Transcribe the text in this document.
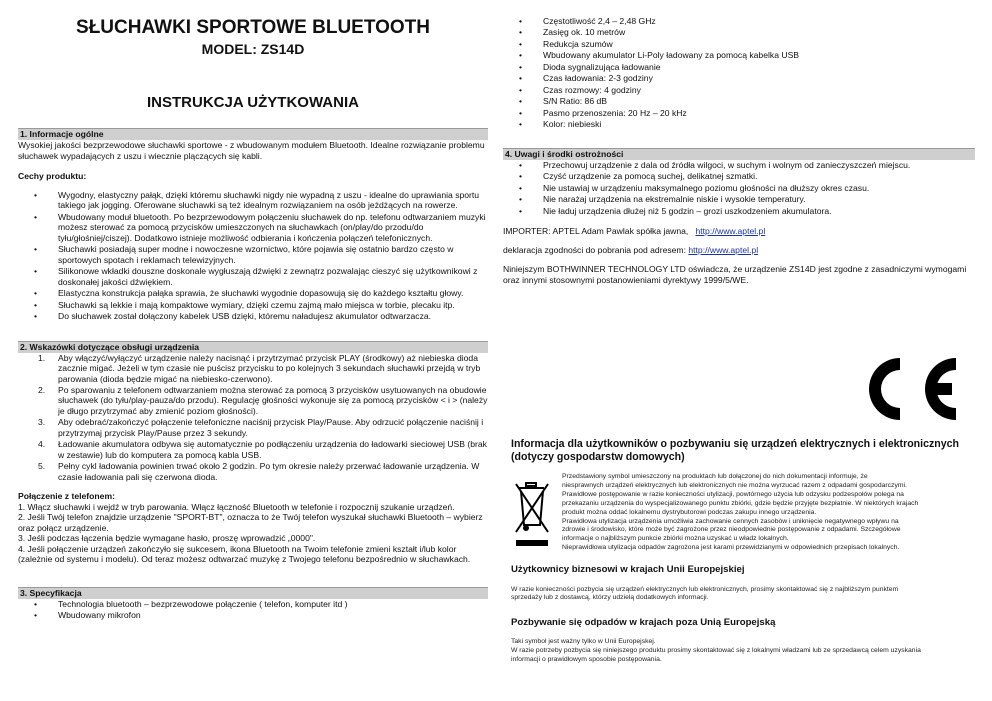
SŁUCHAWKI SPORTOWE BLUETOOTH
MODEL: ZS14D
INSTRUKCJA UŻYTKOWANIA
1. Informacje ogólne

Wysokiej jakości bezprzewodowe słuchawki sportowe - z wbudowanym modułem Bluetooth. Idealne rozwiązanie problemu słuchawek wypadających z uszu i wiecznie plączących się kabli.

Cechy produktu:

• Wygodny, elastyczny pałąk, dzięki któremu słuchawki nigdy nie wypadną z uszu - idealne do uprawiania sportu takiego jak jogging. Oferowane słuchawki są też idealnym rozwiązaniem na osób jeżdżących na rowerze.
• Wbudowany moduł bluetooth. Po bezprzewodowym połączeniu słuchawek do np. telefonu odtwarzaniem muzyki możesz sterować za pomocą przycisków umieszczonych na słuchawkach (on/play/do przodu/do tyłu/głośniej/ciszej). Dodatkowo istnieje możliwość odbierania i kończenia połączeń telefonicznych.
• Słuchawki posiadają super modne i nowoczesne wzornictwo, które pojawia się ostatnio bardzo często w sportowych spotach i reklamach telewizyjnych.
• Silikonowe wkładki douszne doskonale wygłuszają dźwięki z zewnątrz pozwalając cieszyć się użytkownikowi z doskonałej jakości dźwiękiem.
• Elastyczna konstrukcja pałąka sprawia, że słuchawki wygodnie dopasowują się do każdego kształtu głowy.
• Słuchawki są lekkie i mają kompaktowe wymiary, dzięki czemu zajmą mało miejsca w torbie, plecaku itp.
• Do słuchawek został dołączony kabelek USB dzięki, któremu naładujesz akumulator odtwarzacza.
2. Wskazówki dotyczące obsługi urządzenia
1. Aby włączyć/wyłączyć urządzenie należy nacisnąć i przytrzymać przycisk PLAY (środkowy) aż niebieska dioda zacznie migać. Jeżeli w tym czasie nie puścisz przycisku to po kolejnych 3 sekundach słuchawki przejdą w tryb parowania (dioda będzie migać na niebiesko-czerwono).
2. Po sparowaniu z telefonem odtwarzaniem można sterować za pomocą 3 przycisków usytuowanych na obudowie słuchawek (do tyłu/play-pauza/do przodu). Regulację głośności wykonuje się za pomocą przycisków < i > (należy je długo przytrzymać aby zmienić poziom głośności).
3. Aby odebrać/zakończyć połączenie telefoniczne naciśnij przycisk Play/Pause. Aby odrzucić połączenie naciśnij i przytrzymaj przycisk Play/Pause przez 3 sekundy.
4. Ładowanie akumulatora odbywa się automatycznie po podłączeniu urządzenia do ładowarki sieciowej USB (brak w zestawie) lub do komputera za pomocą kabla USB.
5. Pełny cykl ładowania powinien trwać około 2 godzin. Po tym okresie należy przerwać ładowanie urządzenia. W czasie ładowania pali się czerwona dioda.

Połączenie z telefonem:

1. Włącz słuchawki i wejdź w tryb parowania. Włącz łączność Bluetooth w telefonie i rozpocznij szukanie urządzeń.

2. Jeśli Twój telefon znajdzie urządzenie "SPORT-BT", oznacza to że Twój telefon wyszukał słuchawki Bluetooth – wybierz oraz połącz urządzenie.

3. Jeśli podczas łączenia będzie wymagane hasło, proszę wprowadzić „0000".

4. Jeśli połączenie urządzeń zakończyło się sukcesem, ikona Bluetooth na Twoim telefonie zmieni kształt i/lub kolor (zależnie od systemu i modelu). Od teraz możesz odtwarzać muzykę z Twojego telefonu bezpośrednio w słuchawkach.

3. Specyfikacja
• Technologia bluetooth – bezprzewodowe połączenie ( telefon, komputer itd )
• Wbudowany mikrofon
• Częstotliwość 2,4 – 2,48 GHz
• Zasięg ok. 10 metrów
• Redukcja szumów
• Wbudowany akumulator Li-Poly ładowany za pomocą kabelka USB
• Dioda sygnalizująca ładowanie
• Czas ładowania: 2-3 godziny
• Czas rozmowy: 4 godziny
• S/N Ratio: 86 dB
• Pasmo przenoszenia: 20 Hz – 20 kHz
• Kolor: niebieski
4. Uwagi i środki ostrożności
• Przechowuj urządzenie z dala od źródła wilgoci, w suchym i wolnym od zanieczyszczeń miejscu.
• Czyść urządzenie za pomocą suchej, delikatnej szmatki.
• Nie ustawiaj w urządzeniu maksymalnego poziomu głośności na dłuższy okres czasu.
• Nie narażaj urządzenia na ekstremalnie niskie i wysokie temperatury.
• Nie ładuj urządzenia dłużej niż 5 godzin – grozi uszkodzeniem akumulatora.

IMPORTER: APTEL Adam Pawlak spółka jawna, http://www.aptel.pl

deklaracja zgodności do pobrania pod adresem: http://www.aptel.pl

Niniejszym BOTHWINNER TECHNOLOGY LTD oświadcza, że urządzenie ZS14D jest zgodne z zasadniczymi wymogami oraz innymi stosownymi postanowieniami dyrektywy 1999/5/WE.

Informacja dla użytkowników o pozbywaniu się urządzeń elektrycznych i elektronicznych (dotyczy gospodarstw domowych)

Przedstawiony symbol umieszczony na produktach lub dołączonej do nich dokumentacji informuje, że

niesprawnych urządzeń elektrycznych lub elektronicznych nie można wyrzucać razem z odpadami gospodarczymi.

Prawidłowe postępowanie w razie konieczności utylizacji, powtórnego użycia lub odzysku podzespołów polega na

przekazaniu urządzenia do wyspecjalizowanego punktu zbiórki, gdzie będzie przyjęte bezpłatnie. W niektórych krajach

produkt można oddać lokalnemu dystrybutorowi podczas zakupu innego urządzenia.

Prawidłowa utylizacja urządzenia umożliwia zachowanie cennych zasobów i uniknięcie negatywnego wpływu na

zdrowie i środowisko, które może być zagrożone przez nieodpowiednie postępowanie z odpadami. Szczegółowe

informacje o najbliższym punkcie zbiórki można uzyskać u władz lokalnych.

Nieprawidłowa utylizacja odpadów zagrożona jest karami przewidzianymi w odpowiednich przepisach lokalnych.

Użytkownicy biznesowi w krajach Unii Europejskiej

W razie konieczności pozbycia się urządzeń elektrycznych lub elektronicznych, prosimy skontaktować się z najbliższym punktem

sprzedaży lub z dostawcą, którzy udzielą dodatkowych informacji.

Pozbywanie się odpadów w krajach poza Unią Europejską

Taki symbol jest ważny tylko w Unii Europejskej.

W razie potrzeby pozbycia się niniejszego produktu prosimy skontaktować się z lokalnymi władzami lub ze sprzedawcą celem uzyskania

informacji o prawidłowym sposobie postępowania.
